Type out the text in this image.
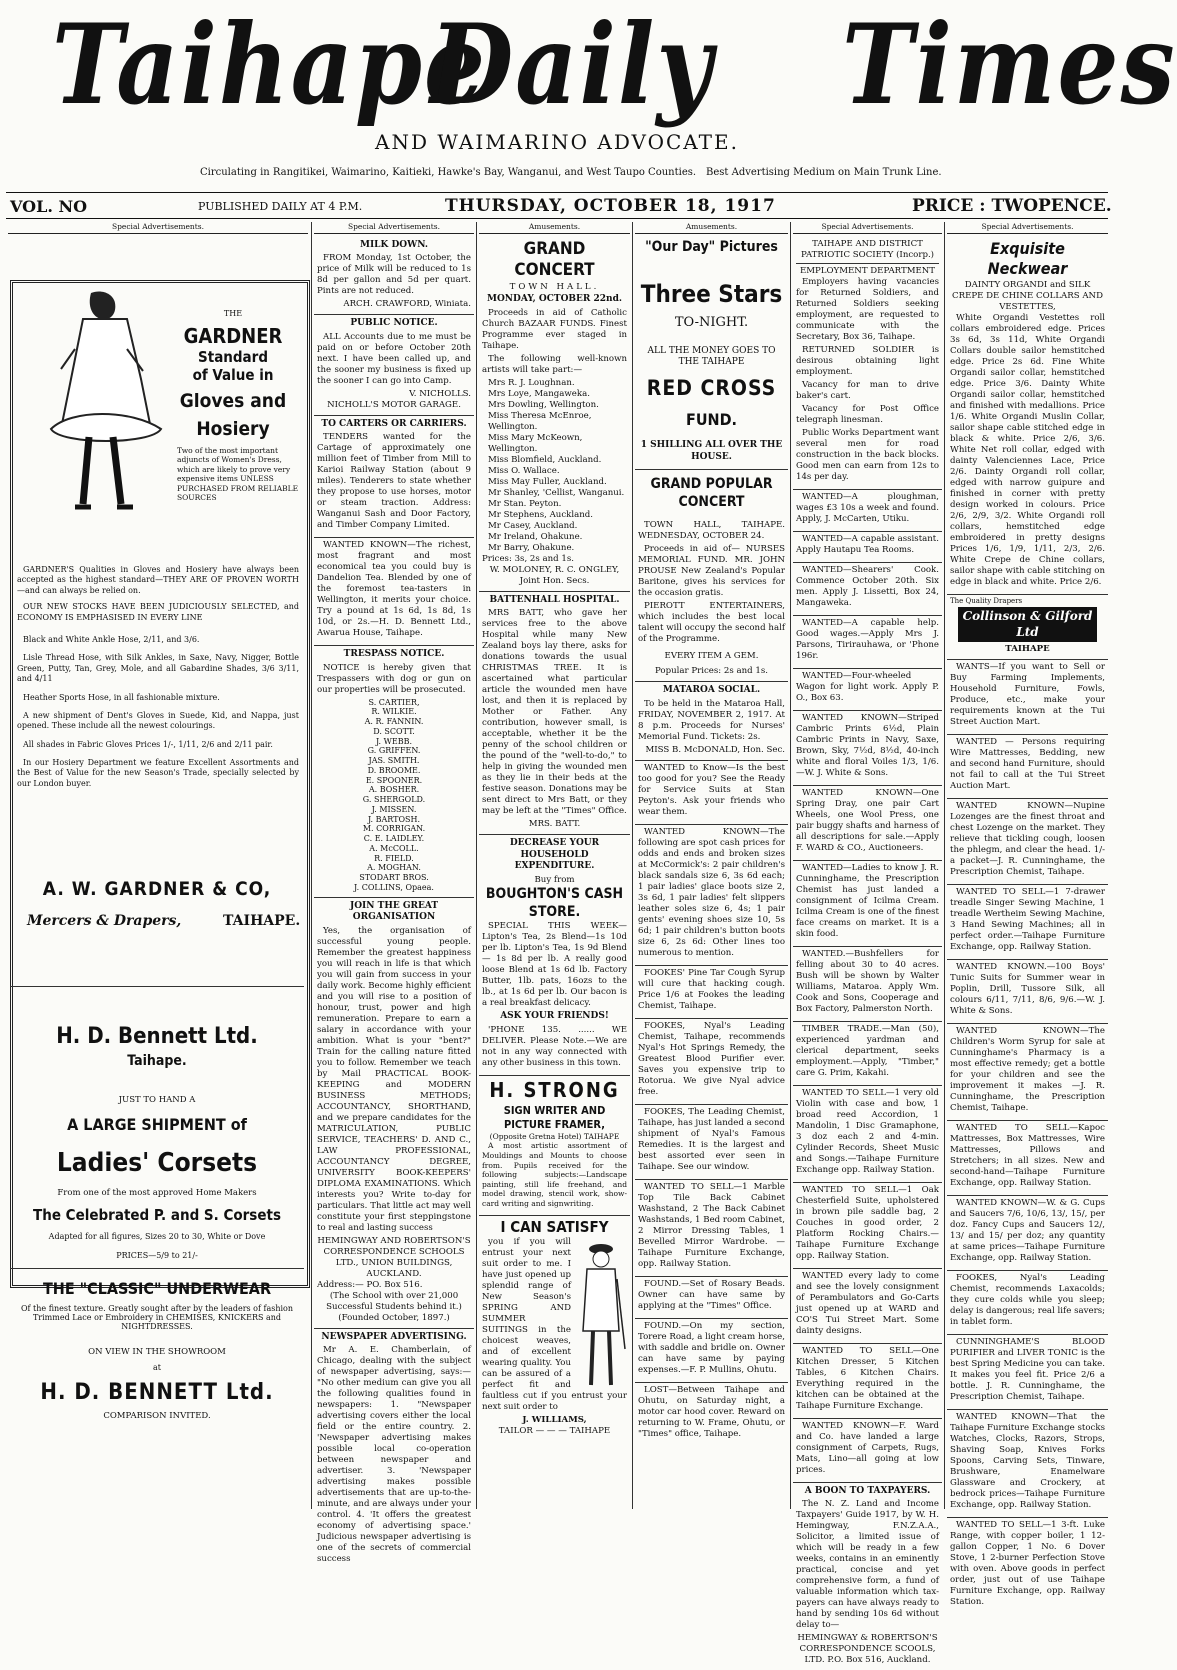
Taihape
Daily Times
AND WAIMARINO ADVOCATE.
Circulating in Rangitikei, Waimarino, Kaitieki, Hawke's Bay, Wanganui, and West Taupo Counties. Best Advertising Medium on Main Trunk Line.
VOL. NO	PUBLISHED DAILY AT 4 P.M.	THURSDAY, OCTOBER 18, 1917	PRICE : TWOPENCE.
Special Advertisements.
THE
GARDNER
Standard
of Value in
Gloves and
Hosiery
Two of the most important adjuncts of Women's Dress, which are likely to prove very expensive items UNLESS PURCHASED FROM RELIABLE SOURCES

GARDNER'S Qualities in Gloves and Hosiery have always been accepted as the highest standard—THEY ARE OF PROVEN WORTH —and can always be relied on.

OUR NEW STOCKS HAVE BEEN JUDICIOUSLY SELECTED, and ECONOMY IS EMPHASISED IN EVERY LINE

Black and White Ankle Hose, 2/11, and 3/6.

Lisle Thread Hose, with Silk Ankles, in Saxe, Navy, Nigger, Bottle Green, Putty, Tan, Grey, Mole, and all Gabardine Shades, 3/6 3/11, and 4/11

Heather Sports Hose, in all fashionable mixture.

A new shipment of Dent's Gloves in Suede, Kid, and Nappa, just opened. These include all the newest colourings.

All shades in Fabric Gloves Prices 1/-, 1/11, 2/6 and 2/11 pair.

In our Hosiery Department we feature Excellent Assortments and the Best of Value for the new Season's Trade, specially selected by our London buyer.

A. W. GARDNER & CO,
Mercers & Drapers,	TAIHAPE.
H. D. Bennett Ltd.
Taihape.
JUST TO HAND A
A LARGE SHIPMENT of
Ladies' Corsets
From one of the most approved Home Makers
The Celebrated P. and S. Corsets
Adapted for all figures, Sizes 20 to 30, White or Dove
PRICES—5/9 to 21/-
THE "CLASSIC" UNDERWEAR
Of the finest texture. Greatly sought after by the leaders of fashion Trimmed Lace or Embroidery in CHEMISES, KNICKERS and NIGHTDRESSES.
ON VIEW IN THE SHOWROOM
at
H. D. BENNETT Ltd.
COMPARISON INVITED.
Special Advertisements.
MILK DOWN.

FROM Monday, 1st October, the price of Milk will be reduced to 1s 8d per gallon and 5d per quart. Pints are not reduced.

ARCH. CRAWFORD, Winiata.
PUBLIC NOTICE.

ALL Accounts due to me must be paid on or before October 20th next. I have been called up, and the sooner my business is fixed up the sooner I can go into Camp.

V. NICHOLLS.
NICHOLL'S MOTOR GARAGE.
TO CARTERS OR CARRIERS.

TENDERS wanted for the Cartage of approximately one million feet of Timber from Mill to Karioi Railway Station (about 9 miles). Tenderers to state whether they propose to use horses, motor or steam traction. Address: Wanganui Sash and Door Factory, and Timber Company Limited.

WANTED KNOWN—The richest, most fragrant and most economical tea you could buy is Dandelion Tea. Blended by one of the foremost tea-tasters in Wellington, it merits your choice. Try a pound at 1s 6d, 1s 8d, 1s 10d, or 2s.—H. D. Bennett Ltd., Awarua House, Taihape.

TRESPASS NOTICE.

NOTICE is hereby given that Trespassers with dog or gun on our properties will be prosecuted.

S. CARTIER,
R. WILKIE.
A. R. FANNIN.
D. SCOTT.
J. WEBB.
G. GRIFFEN.
JAS. SMITH.
D. BROOME.
E. SPOONER.
A. BOSHER.
G. SHERGOLD.
J. MISSEN.
J. BARTOSH.
M. CORRIGAN.
C. E. LAIDLEY.
A. McCOLL.
R. FIELD.
A. MOGHAN.
STODART BROS.
J. COLLINS, Opaea.
JOIN THE GREAT ORGANISATION

Yes, the organisation of successful young people. Remember the greatest happiness you will reach in life is that which you will gain from success in your daily work. Become highly efficient and you will rise to a position of honour, trust, power and high remuneration. Prepare to earn a salary in accordance with your ambition. What is your "bent?" Train for the calling nature fitted you to follow. Remember we teach by Mail PRACTICAL BOOK-KEEPING and MODERN BUSINESS METHODS; ACCOUNTANCY, SHORTHAND, and we prepare candidates for the MATRICULATION, PUBLIC SERVICE, TEACHERS' D. AND C., LAW PROFESSIONAL, ACCOUNTANCY DEGREE, UNIVERSITY BOOK-KEEPERS' DIPLOMA EXAMINATIONS. Which interests you? Write to-day for particulars. That little act may well constitute your first steppingstone to real and lasting success

HEMINGWAY AND ROBERTSON'S CORRESPONDENCE SCHOOLS LTD., UNION BUILDINGS, AUCKLAND.
Address:— PO. Box 516.
(The School with over 21,000 Successful Students behind it.) (Founded October, 1897.)
NEWSPAPER ADVERTISING.

Mr A. E. Chamberlain, of Chicago, dealing with the subject of newspaper advertising, says:— "No other medium can give you all the following qualities found in newspapers: 1. "Newspaper advertising covers either the local field or the entire country. 2. 'Newspaper advertising makes possible local co-operation between newspaper and advertiser. 3. 'Newspaper advertising makes possible advertisements that are up-to-the-minute, and are always under your control. 4. 'It offers the greatest economy of advertising space.' Judicious newspaper advertising is one of the secrets of commercial success

Amusements.
GRAND CONCERT
TOWN HALL.
MONDAY, OCTOBER 22nd.

Proceeds in aid of Catholic Church BAZAAR FUNDS. Finest Programme ever staged in Taihape.

The following well-known artists will take part:—

Mrs R. J. Loughnan.
Mrs Loye, Mangaweka.
Mrs Dowling, Wellington.
Miss Theresa McEnroe, Wellington.
Miss Mary McKeown, Wellington.
Miss Blomfield, Auckland.
Miss O. Wallace.
Miss May Fuller, Auckland.
Mr Shanley, 'Cellist, Wanganui.
Mr Stan. Peyton.
Mr Stephens, Auckland.
Mr Casey, Auckland.
Mr Ireland, Ohakune.
Mr Barry, Ohakune.
Prices: 3s, 2s and 1s.
W. MOLONEY, R. C. ONGLEY, Joint Hon. Secs.
BATTENHALL HOSPITAL.

MRS BATT, who gave her services free to the above Hospital while many New Zealand boys lay there, asks for donations towards the usual CHRISTMAS TREE. It is ascertained what particular article the wounded men have lost, and then it is replaced by Mother or Father. Any contribution, however small, is acceptable, whether it be the penny of the school children or the pound of the "well-to-do," to help in giving the wounded men as they lie in their beds at the festive season. Donations may be sent direct to Mrs Batt, or they may be left at the "Times" Office.

MRS. BATT.
DECREASE YOUR HOUSEHOLD EXPENDITURE.
Buy from
BOUGHTON'S CASH STORE.

SPECIAL THIS WEEK— Lipton's Tea, 2s Blend—1s 10d per lb. Lipton's Tea, 1s 9d Blend— 1s 8d per lb. A really good loose Blend at 1s 6d lb. Factory Butter, 1lb. pats, 16ozs to the lb., at 1s 6d per lb. Our bacon is a real breakfast delicacy.

ASK YOUR FRIENDS!

'PHONE 135. ...... WE DELIVER. Please Note.—We are not in any way connected with any other business in this town.

H. STRONG
SIGN WRITER AND PICTURE FRAMER,
(Opposite Gretna Hotel) TAIHAPE

A most artistic assortment of Mouldings and Mounts to choose from. Pupils received for the following subjects:—Landscape painting, still life freehand, and model drawing, stencil work, show-card writing and signwriting.

I CAN SATISFY

you if you will entrust your next suit order to me. I have just opened up splendid range of New Season's SPRING AND SUMMER SUITINGS in the choicest weaves, and of excellent wearing quality. You can be assured of a perfect fit and faultless cut if you entrust your next suit order to

J. WILLIAMS,
TAILOR — — — TAIHAPE
Amusements.
"Our Day" Pictures
Three Stars
TO-NIGHT.
ALL THE MONEY GOES TO THE TAIHAPE
RED CROSS
FUND.
1 SHILLING ALL OVER THE HOUSE.
GRAND POPULAR CONCERT

TOWN HALL, TAIHAPE. WEDNESDAY, OCTOBER 24.

Proceeds in aid of— NURSES MEMORIAL FUND. MR. JOHN PROUSE New Zealand's Popular Baritone, gives his services for the occasion gratis.

PIEROTT ENTERTAINERS, which includes the best local talent will occupy the second half of the Programme.

EVERY ITEM A GEM.
Popular Prices: 2s and 1s.
MATAROA SOCIAL.

To be held in the Mataroa Hall, FRIDAY, NOVEMBER 2, 1917. At 8 p.m. Proceeds for Nurses' Memorial Fund. Tickets: 2s.

MISS B. McDONALD, Hon. Sec.

WANTED to Know—Is the best too good for you? See the Ready for Service Suits at Stan Peyton's. Ask your friends who wear them.

WANTED KNOWN—The following are spot cash prices for odds and ends and broken sizes at McCormick's: 2 pair children's black sandals size 6, 3s 6d each; 1 pair ladies' glace boots size 2, 3s 6d, 1 pair ladies' felt slippers leather soles size 6, 4s; 1 pair gents' evening shoes size 10, 5s 6d; 1 pair children's button boots size 6, 2s 6d: Other lines too numerous to mention.

FOOKES' Pine Tar Cough Syrup will cure that hacking cough. Price 1/6 at Fookes the leading Chemist, Taihape.

FOOKES, Nyal's Leading Chemist, Taihape, recommends Nyal's Hot Springs Remedy, the Greatest Blood Purifier ever. Saves you expensive trip to Rotorua. We give Nyal advice free.

FOOKES, The Leading Chemist, Taihape, has just landed a second shipment of Nyal's Famous Remedies. It is the largest and best assorted ever seen in Taihape. See our window.

WANTED TO SELL—1 Marble Top Tile Back Cabinet Washstand, 2 The Back Cabinet Washstands, 1 Bed room Cabinet, 2 Mirror Dressing Tables, 1 Bevelled Mirror Wardrobe. —Taihape Furniture Exchange, opp. Railway Station.

FOUND.—Set of Rosary Beads. Owner can have same by applying at the "Times" Office.

FOUND.—On my section, Torere Road, a light cream horse, with saddle and bridle on. Owner can have same by paying expenses.—F. P. Mullins, Ohutu.

LOST—Between Taihape and Ohutu, on Saturday night, a motor car hood cover. Reward on returning to W. Frame, Ohutu, or "Times" office, Taihape.

Special Advertisements.
TAIHAPE AND DISTRICT PATRIOTIC SOCIETY (Incorp.)
EMPLOYMENT DEPARTMENT

Employers having vacancies for Returned Soldiers, and Returned Soldiers seeking employment, are requested to communicate with the Secretary, Box 36, Taihape.

RETURNED SOLDIER is desirous obtaining light employment.

Vacancy for man to drive baker's cart.

Vacancy for Post Office telegraph linesman.

Public Works Department want several men for road construction in the back blocks. Good men can earn from 12s to 14s per day.

WANTED—A ploughman, wages £3 10s a week and found. Apply, J. McCarten, Utiku.

WANTED—A capable assistant. Apply Hautapu Tea Rooms.

WANTED—Shearers' Cook. Commence October 20th. Six men. Apply J. Lissetti, Box 24, Mangaweka.

WANTED—A capable help. Good wages.—Apply Mrs J. Parsons, Tirirauhawa, or 'Phone 196r.

WANTED—Four-wheeled Wagon for light work. Apply P. O., Box 63.

WANTED KNOWN—Striped Cambric Prints 6½d, Plain Cambric Prints in Navy, Saxe, Brown, Sky, 7½d, 8½d, 40-inch white and floral Voiles 1/3, 1/6.—W. J. White & Sons.

WANTED KNOWN—One Spring Dray, one pair Cart Wheels, one Wool Press, one pair buggy shafts and harness of all descriptions for sale.—Apply F. WARD & CO., Auctioneers.

WANTED—Ladies to know J. R. Cunninghame, the Prescription Chemist has just landed a consignment of Icilma Cream. Icilma Cream is one of the finest face creams on market. It is a skin food.

WANTED.—Bushfellers for felling about 30 to 40 acres. Bush will be shown by Walter Williams, Mataroa. Apply Wm. Cook and Sons, Cooperage and Box Factory, Palmerston North.

TIMBER TRADE.—Man (50), experienced yardman and clerical department, seeks employment.—Apply, "Timber," care G. Prim, Kakahi.

WANTED TO SELL—1 very old Violin with case and bow, 1 broad reed Accordion, 1 Mandolin, 1 Disc Gramaphone, 3 doz each 2 and 4-min. Cylinder Records, Sheet Music and Songs.—Taihape Furniture Exchange opp. Railway Station.

WANTED TO SELL—1 Oak Chesterfield Suite, upholstered in brown pile saddle bag, 2 Couches in good order, 2 Platform Rocking Chairs.—Taihape Furniture Exchange opp. Railway Station.

WANTED every lady to come and see the lovely consignment of Perambulators and Go-Carts just opened up at WARD and CO'S Tui Street Mart. Some dainty designs.

WANTED TO SELL—One Kitchen Dresser, 5 Kitchen Tables, 6 Kitchen Chairs. Everything required in the kitchen can be obtained at the Taihape Furniture Exchange.

WANTED KNOWN—F. Ward and Co. have landed a large consignment of Carpets, Rugs, Mats, Lino—all going at low prices.

A BOON TO TAXPAYERS.

The N. Z. Land and Income Taxpayers' Guide 1917, by W. H. Hemingway, F.N.Z.A.A., Solicitor, a limited issue of which will be ready in a few weeks, contains in an eminently practical, concise and yet comprehensive form, a fund of valuable information which tax-payers can have always ready to hand by sending 10s 6d without delay to—

HEMINGWAY & ROBERTSON'S CORRESPONDENCE SCOOLS, LTD. P.O. Box 516, Auckland.
Special Advertisements.
Exquisite Neckwear
DAINTY ORGANDI and SILK CREPE DE CHINE COLLARS AND VESTETTES,

White Organdi Vestettes roll collars embroidered edge. Prices 3s 6d, 3s 11d, White Organdi Collars double sailor hemstitched edge. Price 2s 6d. Fine White Organdi sailor collar, hemstitched edge. Price 3/6. Dainty White Organdi sailor collar, hemstitched and finished with medallions. Price 1/6. White Organdi Muslin Collar, sailor shape cable stitched edge in black & white. Price 2/6, 3/6. White Net roll collar, edged with dainty Valenciennes Lace, Price 2/6. Dainty Organdi roll collar, edged with narrow guipure and finished in corner with pretty design worked in colours. Price 2/6, 2/9, 3/2. White Organdi roll collars, hemstitched edge embroidered in pretty designs Prices 1/6, 1/9, 1/11, 2/3, 2/6. White Crepe de Chine collars, sailor shape with cable stitching on edge in black and white. Price 2/6.

The Quality Drapers
Collinson & Gilford Ltd
TAIHAPE

WANTS—If you want to Sell or Buy Farming Implements, Household Furniture, Fowls, Produce, etc., make your requirements known at the Tui Street Auction Mart.

WANTED — Persons requiring Wire Mattresses, Bedding, new and second hand Furniture, should not fail to call at the Tui Street Auction Mart.

WANTED KNOWN—Nupine Lozenges are the finest throat and chest Lozenge on the market. They relieve that tickling cough, loosen the phlegm, and clear the head. 1/- a packet—J. R. Cunninghame, the Prescription Chemist, Taihape.

WANTED TO SELL—1 7-drawer treadle Singer Sewing Machine, 1 treadle Wertheim Sewing Machine, 3 Hand Sewing Machines; all in perfect order.—Taihape Furniture Exchange, opp. Railway Station.

WANTED KNOWN.—100 Boys' Tunic Suits for Summer wear in Poplin, Drill, Tussore Silk, all colours 6/11, 7/11, 8/6, 9/6.—W. J. White & Sons.

WANTED KNOWN—The Children's Worm Syrup for sale at Cunninghame's Pharmacy is a most effective remedy; get a bottle for your children and see the improvement it makes —J. R. Cunninghame, the Prescription Chemist, Taihape.

WANTED TO SELL—Kapoc Mattresses, Box Mattresses, Wire Mattresses, Pillows and Stretchers; in all sizes. New and second-hand—Taihape Furniture Exchange, opp. Railway Station.

WANTED KNOWN—W. & G. Cups and Saucers 7/6, 10/6, 13/, 15/, per doz. Fancy Cups and Saucers 12/, 13/ and 15/ per doz; any quantity at same prices—Taihape Furniture Exchange, opp. Railway Station.

FOOKES, Nyal's Leading Chemist, recommends Laxacolds; they cure colds while you sleep; delay is dangerous; real life savers; in tablet form.

CUNNINGHAME'S BLOOD PURIFIER and LIVER TONIC is the best Spring Medicine you can take. It makes you feel fit. Price 2/6 a bottle. J. R. Cunninghame, the Prescription Chemist, Taihape.

WANTED KNOWN—That the Taihape Furniture Exchange stocks Watches, Clocks, Razors, Strops, Shaving Soap, Knives Forks Spoons, Carving Sets, Tinware, Brushware, Enamelware Glassware and Crockery, at bedrock prices—Taihape Furniture Exchange, opp. Railway Station.

WANTED TO SELL—1 3-ft. Luke Range, with copper boiler, 1 12-gallon Copper, 1 No. 6 Dover Stove, 1 2-burner Perfection Stove with oven. Above goods in perfect order, just out of use Taihape Furniture Exchange, opp. Railway Station.
